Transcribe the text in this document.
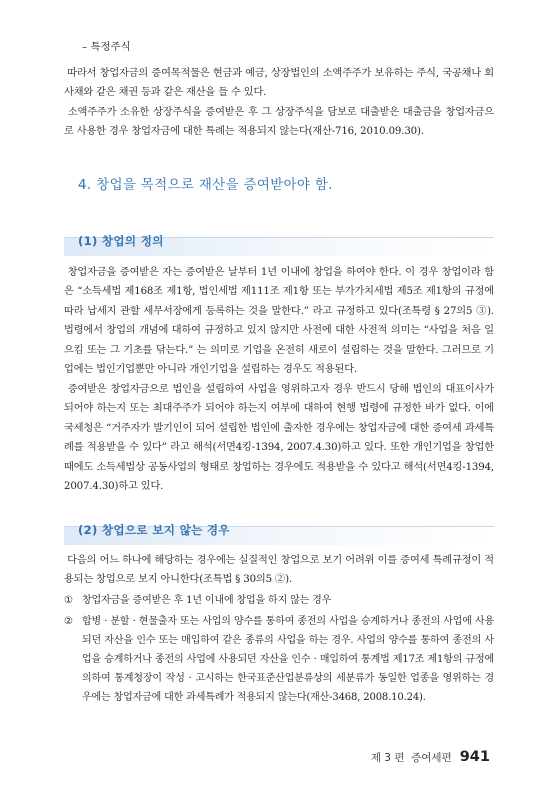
– 특정주식
따라서 창업자금의 증여목적물은 현금과 예금, 상장법인의 소액주주가 보유하는 주식, 국공채나 회사채와 같은 채권 등과 같은 재산을 들 수 있다.
소액주주가 소유한 상장주식을 증여받은 후 그 상장주식을 담보로 대출받은 대출금을 창업자금으로 사용한 경우 창업자금에 대한 특례는 적용되지 않는다(재산-716, 2010.09.30).
4. 창업을 목적으로 재산을 증여받아야 함.
(1) 창업의 정의
창업자금을 증여받은 자는 증여받은 날부터 1년 이내에 창업을 하여야 한다. 이 경우 창업이라 함은 “소득세법 제168조 제1항, 법인세법 제111조 제1항 또는 부가가치세법 제5조 제1항의 규정에 따라 납세지 관할 세무서장에게 등록하는 것을 말한다.” 라고 규정하고 있다(조특령 § 27의5 ③). 법령에서 창업의 개념에 대하여 규정하고 있지 않지만 사전에 대한 사전적 의미는 “사업을 처음 일으킴 또는 그 기초를 닦는다.” 는 의미로 기업을 온전히 새로이 설립하는 것을 말한다. 그러므로 기업에는 법인기업뿐만 아니라 개인기업을 설립하는 경우도 적용된다.
증여받은 창업자금으로 법인을 설립하여 사업을 영위하고자 경우 반드시 당해 법인의 대표이사가 되어야 하는지 또는 최대주주가 되어야 하는지 여부에 대하여 현행 법령에 규정한 바가 없다. 이에 국세청은 “거주자가 발기인이 되어 설립한 법인에 출자한 경우에는 창업자금에 대한 증여세 과세특례를 적용받을 수 있다” 라고 해석(서면4킹-1394, 2007.4.30)하고 있다. 또한 개인기업을 창업한 때에도 소득세법상 공동사업의 형태로 창업하는 경우에도 적용받을 수 있다고 해석(서면4킹-1394, 2007.4.30)하고 있다.
(2) 창업으로 보지 않는 경우
다음의 어느 하나에 해당하는 경우에는 실질적인 창업으로 보기 어려위 이를 증여세 특례규정이 적용되는 창업으로 보지 아니한다(조특법 § 30의5 ②).
① 창업자금을 증여받은 후 1년 이내에 창업을 하지 않는 경우
② 합병 · 분할 · 현물출자 또는 사업의 양수를 통하여 종전의 사업을 승계하거나 종전의 사업에 사용되던 자산을 인수 또는 매입하여 같은 종류의 사업을 하는 경우. 사업의 양수를 통하여 종전의 사업을 승계하거나 종전의 사업에 사용되던 자산을 인수 · 매입하여 통계법 제17조 제1항의 규정에 의하여 통계청장이 작성 · 고시하는 한국표준산업분류상의 세분류가 동일한 업종을 영위하는 경우에는 창업자금에 대한 과세특례가 적용되지 않는다(재산-3468, 2008.10.24).
제 3 편  증여세편 941
